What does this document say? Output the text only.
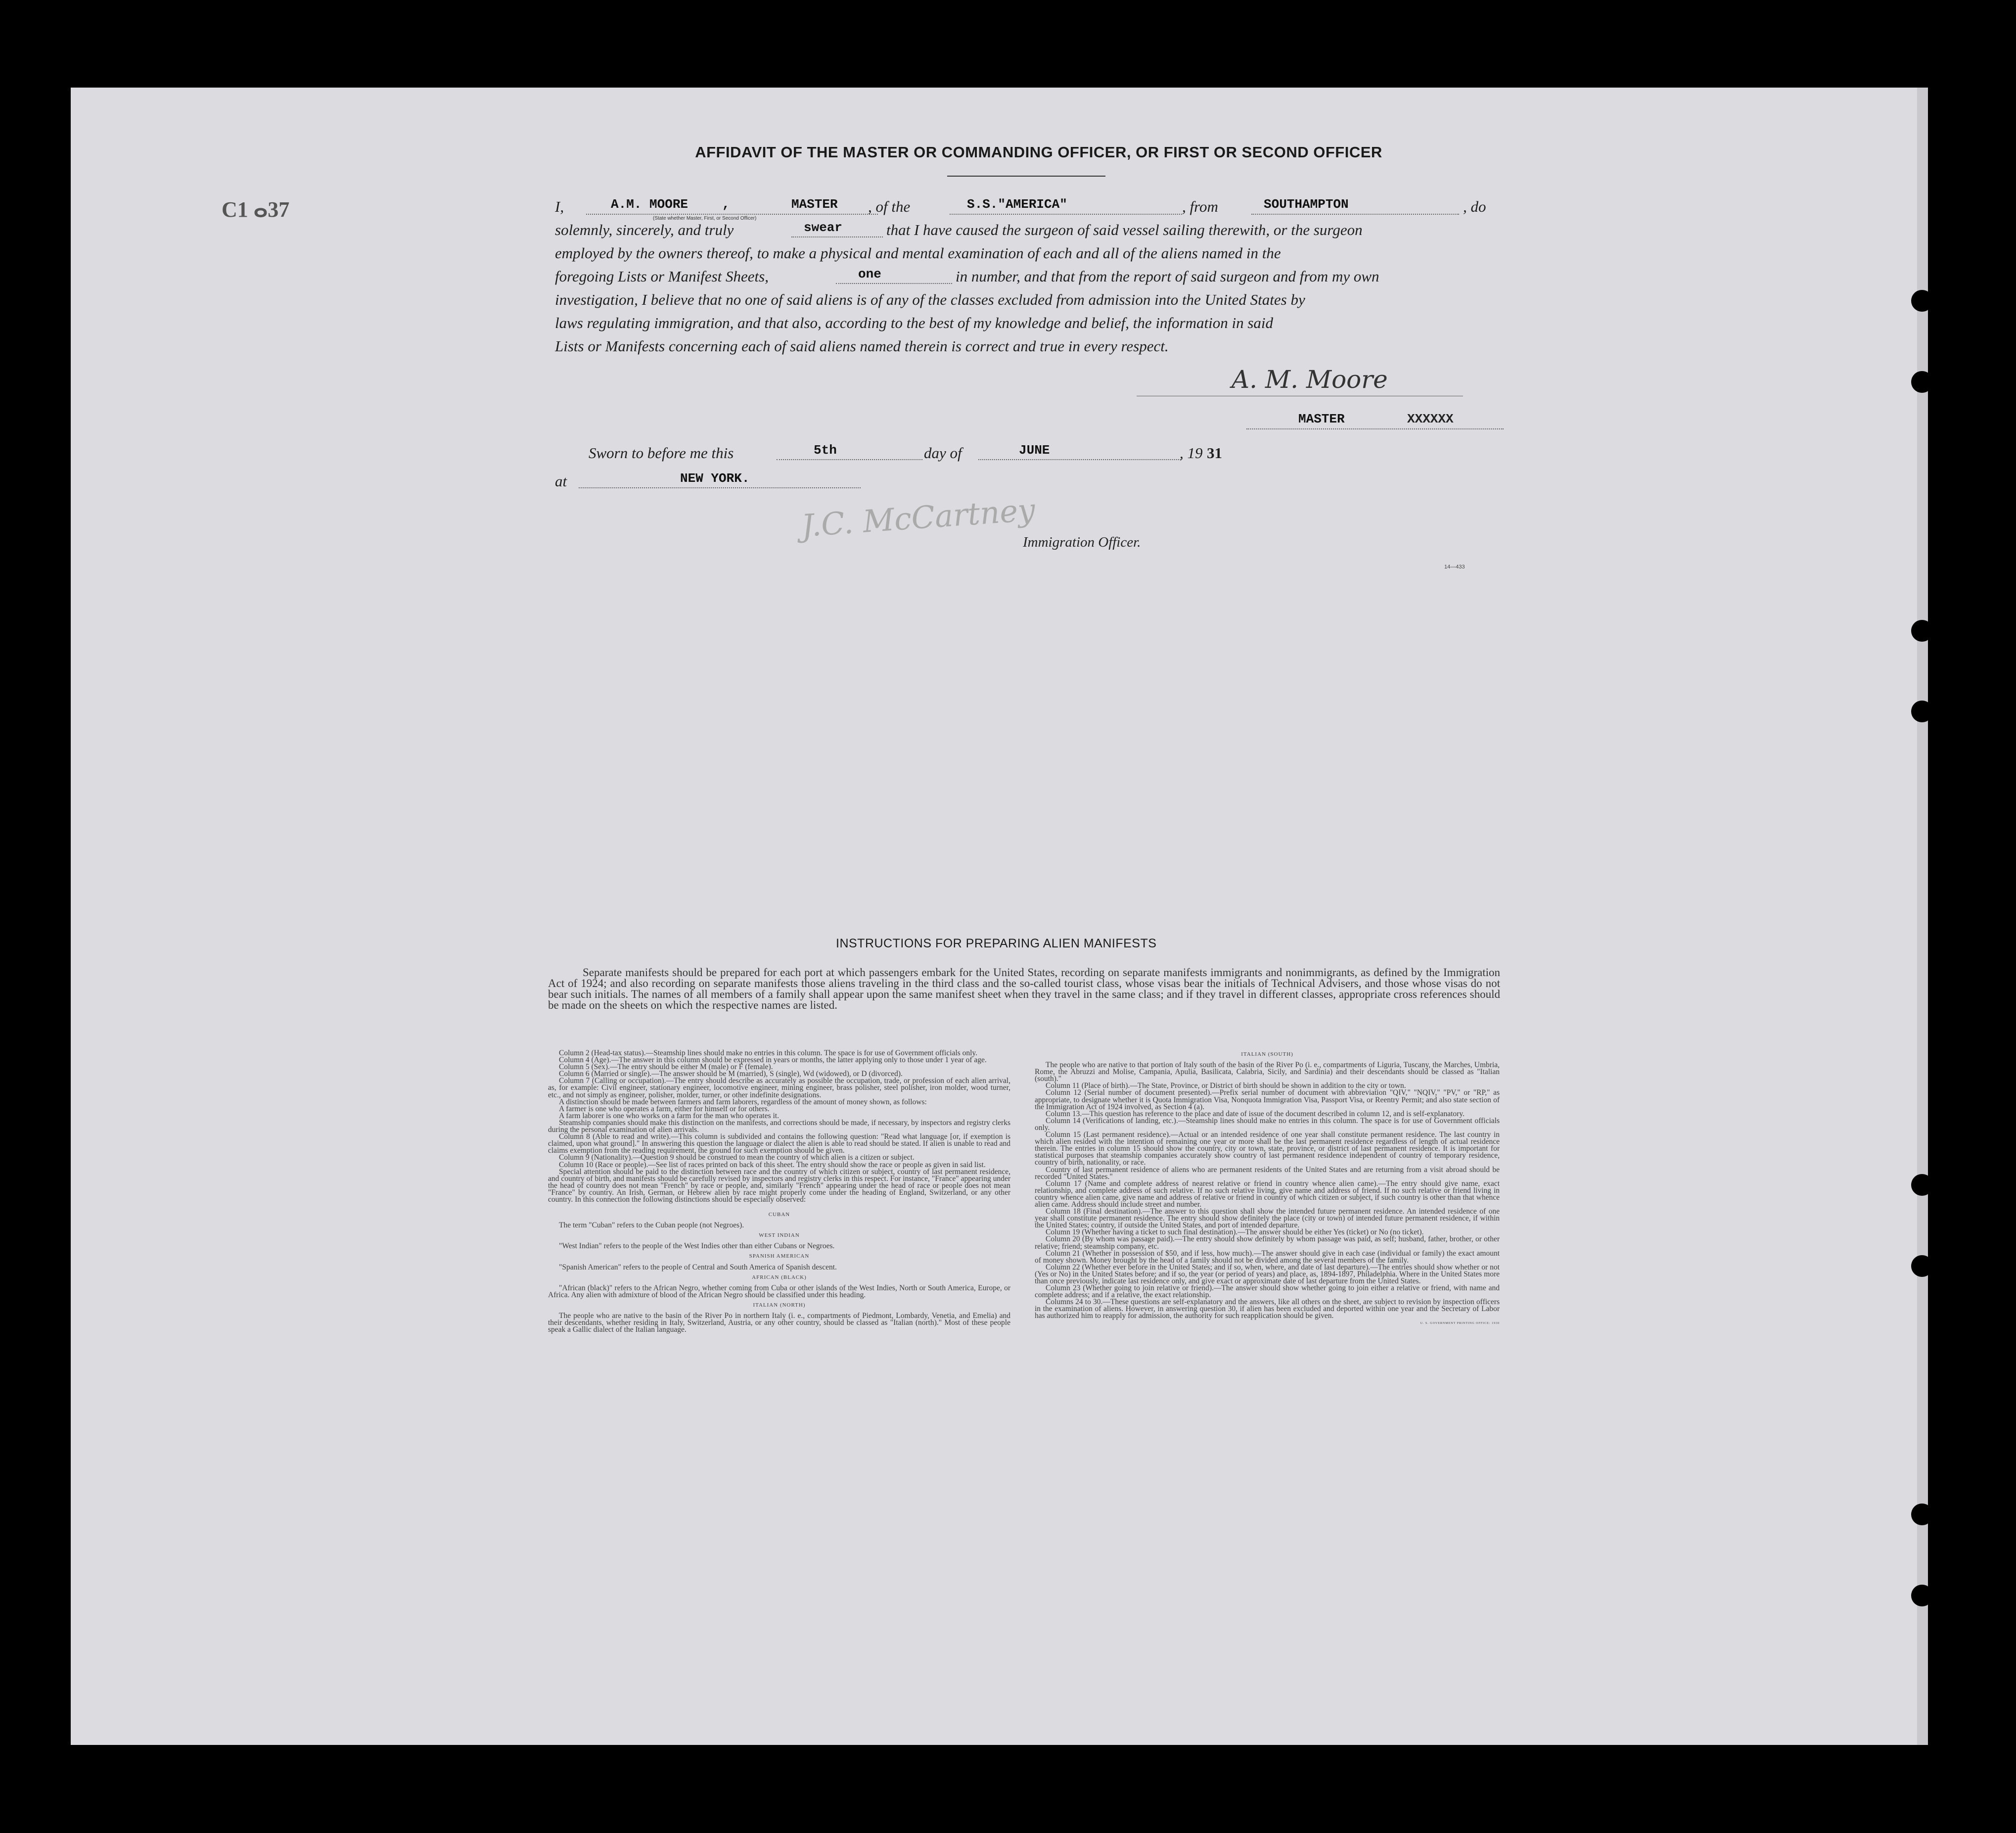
C1 ⴰ37
AFFIDAVIT OF THE MASTER OR COMMANDING OFFICER, OR FIRST OR SECOND OFFICER
I,	A.M. MOORE	,	MASTER
(State whether Master, First, or Second Officer)
, of the	S.S."AMERICA"	, from	SOUTHAMPTON	, do
solemnly, sincerely, and truly	swear	that I have caused the surgeon of said vessel sailing therewith, or the surgeon
employed by the owners thereof, to make a physical and mental examination of each and all of the aliens named in the
foregoing Lists or Manifest Sheets,	one	in number, and that from the report of said surgeon and from my own
investigation, I believe that no one of said aliens is of any of the classes excluded from admission into the United States by
laws regulating immigration, and that also, according to the best of my knowledge and belief, the information in said
Lists or Manifests concerning each of said aliens named therein is correct and true in every respect.
A. M. Moore
MASTER	XXXXXX
Sworn to before me this	5th	day of	JUNE	, 19 31
at	NEW YORK.
J.C. McCartney
Immigration Officer.
14—433
INSTRUCTIONS FOR PREPARING ALIEN MANIFESTS
Separate manifests should be prepared for each port at which passengers embark for the United States, recording on separate manifests immigrants and nonimmigrants, as defined by the Immigration Act of 1924; and also recording on separate manifests those aliens traveling in the third class and the so-called tourist class, whose visas bear the initials of Technical Advisers, and those whose visas do not bear such initials. The names of all members of a family shall appear upon the same manifest sheet when they travel in the same class; and if they travel in different classes, appropriate cross references should be made on the sheets on which the respective names are listed.

Column 2 (Head-tax status).—Steamship lines should make no entries in this column. The space is for use of Government officials only.

Column 4 (Age).—The answer in this column should be expressed in years or months, the latter applying only to those under 1 year of age.

Column 5 (Sex).—The entry should be either M (male) or F (female).

Column 6 (Married or single).—The answer should be M (married), S (single), Wd (widowed), or D (divorced).

Column 7 (Calling or occupation).—The entry should describe as accurately as possible the occupation, trade, or profession of each alien arrival, as, for example: Civil engineer, stationary engineer, locomotive engineer, mining engineer, brass polisher, steel polisher, iron molder, wood turner, etc., and not simply as engineer, polisher, molder, turner, or other indefinite designations.

A distinction should be made between farmers and farm laborers, regardless of the amount of money shown, as follows:

A farmer is one who operates a farm, either for himself or for others.

A farm laborer is one who works on a farm for the man who operates it.

Steamship companies should make this distinction on the manifests, and corrections should be made, if necessary, by inspectors and registry clerks during the personal examination of alien arrivals.

Column 8 (Able to read and write).—This column is subdivided and contains the following question: "Read what language [or, if exemption is claimed, upon what ground]." In answering this question the language or dialect the alien is able to read should be stated. If alien is unable to read and claims exemption from the reading requirement, the ground for such exemption should be given.

Column 9 (Nationality).—Question 9 should be construed to mean the country of which alien is a citizen or subject.

Column 10 (Race or people).—See list of races printed on back of this sheet. The entry should show the race or people as given in said list.

Special attention should be paid to the distinction between race and the country of which citizen or subject, country of last permanent residence, and country of birth, and manifests should be carefully revised by inspectors and registry clerks in this respect. For instance, "France" appearing under the head of country does not mean "French" by race or people, and, similarly "French" appearing under the head of race or people does not mean "France" by country. An Irish, German, or Hebrew alien by race might properly come under the heading of England, Switzerland, or any other country. In this connection the following distinctions should be especially observed:

CUBAN

The term "Cuban" refers to the Cuban people (not Negroes).

WEST INDIAN

"West Indian" refers to the people of the West Indies other than either Cubans or Negroes.

SPANISH AMERICAN

"Spanish American" refers to the people of Central and South America of Spanish descent.

AFRICAN (BLACK)

"African (black)" refers to the African Negro, whether coming from Cuba or other islands of the West Indies, North or South America, Europe, or Africa. Any alien with admixture of blood of the African Negro should be classified under this heading.

ITALIAN (NORTH)

The people who are native to the basin of the River Po in northern Italy (i. e., compartments of Piedmont, Lombardy, Venetia, and Emelia) and their descendants, whether residing in Italy, Switzerland, Austria, or any other country, should be classed as "Italian (north)." Most of these people speak a Gallic dialect of the Italian language.

ITALIAN (SOUTH)

The people who are native to that portion of Italy south of the basin of the River Po (i. e., compartments of Liguria, Tuscany, the Marches, Umbria, Rome, the Abruzzi and Molise, Campania, Apulia, Basilicata, Calabria, Sicily, and Sardinia) and their descendants should be classed as "Italian (south)."

Column 11 (Place of birth).—The State, Province, or District of birth should be shown in addition to the city or town.

Column 12 (Serial number of document presented).—Prefix serial number of document with abbreviation "QIV," "NQIV," "PV," or "RP," as appropriate, to designate whether it is Quota Immigration Visa, Nonquota Immigration Visa, Passport Visa, or Reentry Permit; and also state section of the Immigration Act of 1924 involved, as Section 4 (a).

Column 13.—This question has reference to the place and date of issue of the document described in column 12, and is self-explanatory.

Column 14 (Verifications of landing, etc.).—Steamship lines should make no entries in this column. The space is for use of Government officials only.

Column 15 (Last permanent residence).—Actual or an intended residence of one year shall constitute permanent residence. The last country in which alien resided with the intention of remaining one year or more shall be the last permanent residence regardless of length of actual residence therein. The entries in column 15 should show the country, city or town, state, province, or district of last permanent residence. It is important for statistical purposes that steamship companies accurately show country of last permanent residence independent of country of temporary residence, country of birth, nationality, or race.

Country of last permanent residence of aliens who are permanent residents of the United States and are returning from a visit abroad should be recorded "United States."

Column 17 (Name and complete address of nearest relative or friend in country whence alien came).—The entry should give name, exact relationship, and complete address of such relative. If no such relative living, give name and address of friend. If no such relative or friend living in country whence alien came, give name and address of relative or friend in country of which citizen or subject, if such country is other than that whence alien came. Address should include street and number.

Column 18 (Final destination).—The answer to this question shall show the intended future permanent residence. An intended residence of one year shall constitute permanent residence. The entry should show definitely the place (city or town) of intended future permanent residence, if within the United States; country, if outside the United States, and port of intended departure.

Column 19 (Whether having a ticket to such final destination).—The answer should be either Yes (ticket) or No (no ticket).

Column 20 (By whom was passage paid).—The entry should show definitely by whom passage was paid, as self; husband, father, brother, or other relative; friend; steamship company, etc.

Column 21 (Whether in possession of $50, and if less, how much).—The answer should give in each case (individual or family) the exact amount of money shown. Money brought by the head of a family should not be divided among the several members of the family.

Column 22 (Whether ever before in the United States; and if so, when, where, and date of last departure).—The entries should show whether or not (Yes or No) in the United States before; and if so, the year (or period of years) and place, as, 1894-1897, Philadelphia. Where in the United States more than once previously, indicate last residence only, and give exact or approximate date of last departure from the United States.

Column 23 (Whether going to join relative or friend).—The answer should show whether going to join either a relative or friend, with name and complete address; and if a relative, the exact relationship.

Columns 24 to 30.—These questions are self-explanatory and the answers, like all others on the sheet, are subject to revision by inspection officers in the examination of aliens. However, in answering question 30, if alien has been excluded and deported within one year and the Secretary of Labor has authorized him to reapply for admission, the authority for such reapplication should be given.

U. S. GOVERNMENT PRINTING OFFICE: 1930
